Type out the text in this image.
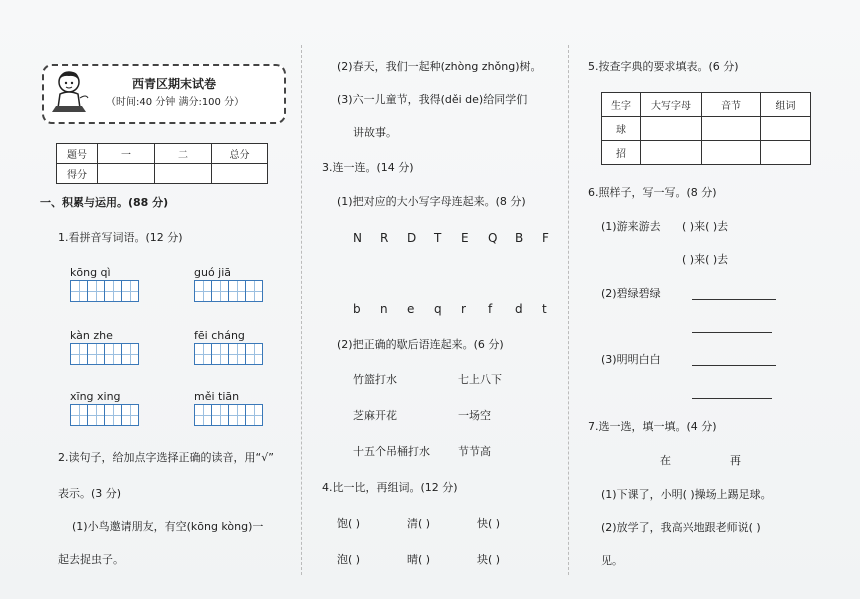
西青区期末试卷
（时间:40 分钟 满分:100 分）
题号	一	二	总分
得分			
一、积累与运用。(88 分)
1.看拼音写词语。(12 分)
kōng qì	guó jiā
kàn zhe	fēi cháng
xīng xing	měi tiān
2.读句子，给加点字选择正确的读音，用“√”
表示。(3 分)
(1)小鸟邀请朋友，有空(kōng kòng)一
起去捉虫子。
(2)春天，我们一起种(zhòng zhǒng)树。
(3)六一儿童节，我得(děi de)给同学们
讲故事。
3.连一连。(14 分)
(1)把对应的大小写字母连起来。(8 分)
N R D T E Q B F
b n e q r f d t
(2)把正确的歇后语连起来。(6 分)
竹篮打水	七上八下
芝麻开花	一场空
十五个吊桶打水	节节高
4.比一比，再组词。(12 分)
饱( )	清( )	快( )
泡( )	晴( )	块( )
5.按查字典的要求填表。(6 分)
生字	大写字母	音节	组词
球			
招			
6.照样子，写一写。(8 分)
(1)游来游去 ( )来( )去
( )来( )去
(2)碧绿碧绿
(3)明明白白
7.选一选，填一填。(4 分)
在	再
(1)下课了，小明( )操场上踢足球。
(2)放学了，我高兴地跟老师说( )
见。
